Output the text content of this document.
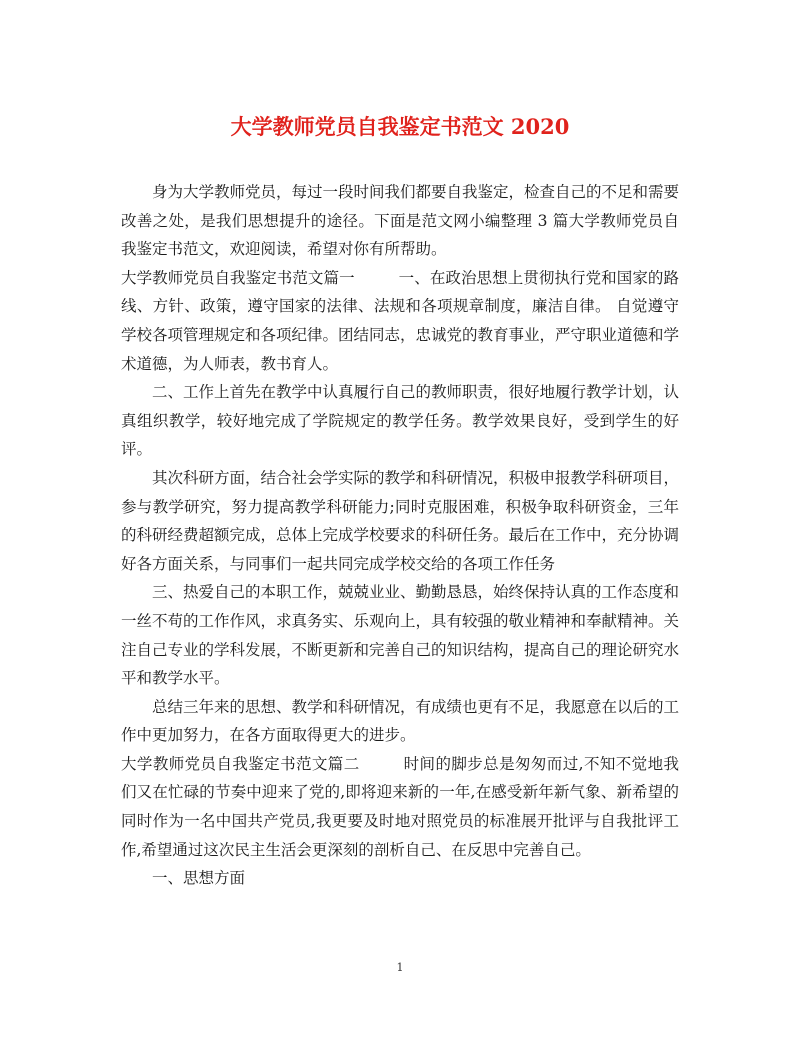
大学教师党员自我鉴定书范文 2020

身为大学教师党员，每过一段时间我们都要自我鉴定，检查自己的不足和需要改善之处，是我们思想提升的途径。下面是范文网小编整理 3 篇大学教师党员自我鉴定书范文，欢迎阅读，希望对你有所帮助。

大学教师党员自我鉴定书范文篇一	一、在政治思想上贯彻执行党和国家的路线、方针、政策，遵守国家的法律、法规和各项规章制度，廉洁自律。 自觉遵守学校各项管理规定和各项纪律。团结同志，忠诚党的教育事业，严守职业道德和学术道德，为人师表，教书育人。

二、工作上首先在教学中认真履行自己的教师职责，很好地履行教学计划，认真组织教学，较好地完成了学院规定的教学任务。教学效果良好，受到学生的好评。

其次科研方面，结合社会学实际的教学和科研情况，积极申报教学科研项目，参与教学研究，努力提高教学科研能力;同时克服困难，积极争取科研资金，三年的科研经费超额完成，总体上完成学校要求的科研任务。最后在工作中，充分协调好各方面关系，与同事们一起共同完成学校交给的各项工作任务

三、热爱自己的本职工作，兢兢业业、勤勤恳恳，始终保持认真的工作态度和一丝不苟的工作作风，求真务实、乐观向上，具有较强的敬业精神和奉献精神。关注自己专业的学科发展，不断更新和完善自己的知识结构，提高自己的理论研究水平和教学水平。

总结三年来的思想、教学和科研情况，有成绩也更有不足，我愿意在以后的工作中更加努力，在各方面取得更大的进步。

大学教师党员自我鉴定书范文篇二	时间的脚步总是匆匆而过,不知不觉地我们又在忙碌的节奏中迎来了党的,即将迎来新的一年,在感受新年新气象、新希望的同时作为一名中国共产党员,我更要及时地对照党员的标准展开批评与自我批评工作,希望通过这次民主生活会更深刻的剖析自己、在反思中完善自己。

一、思想方面

1
